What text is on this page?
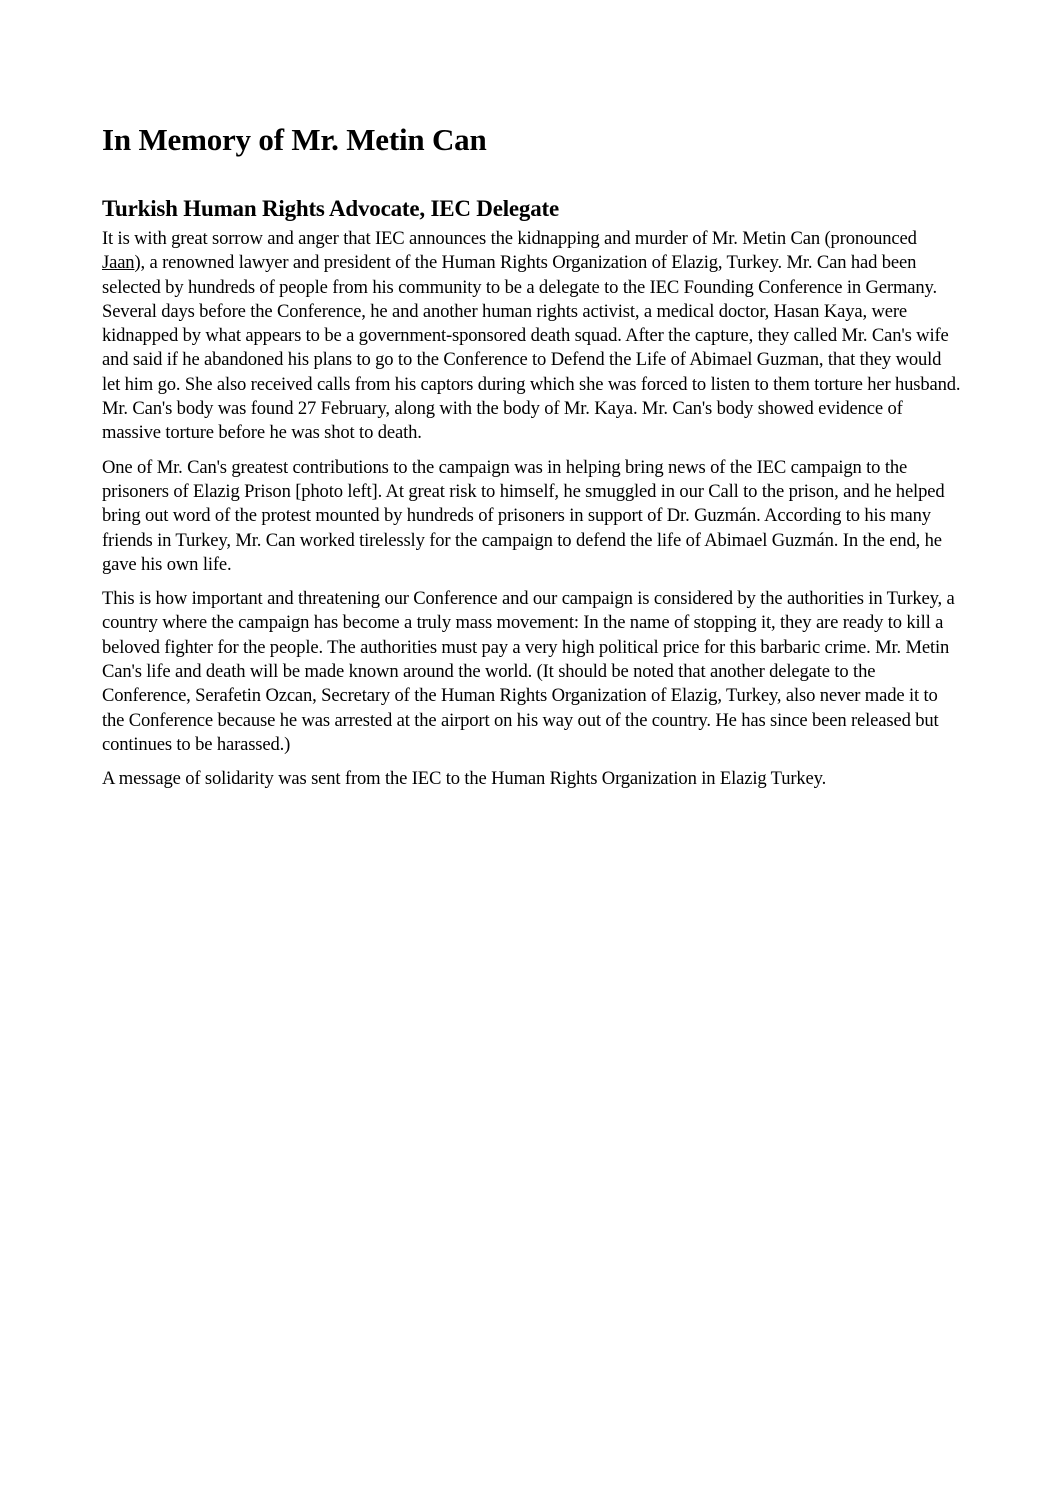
In Memory of Mr. Metin Can
Turkish Human Rights Advocate, IEC Delegate

It is with great sorrow and anger that IEC announces the kidnapping and murder of Mr. Metin Can (pronounced Jaan), a renowned lawyer and president of the Human Rights Organization of Elazig, Turkey. Mr. Can had been selected by hundreds of people from his community to be a delegate to the IEC Founding Conference in Germany. Several days before the Conference, he and another human rights activist, a medical doctor, Hasan Kaya, were kidnapped by what appears to be a government-sponsored death squad. After the capture, they called Mr. Can's wife and said if he abandoned his plans to go to the Conference to Defend the Life of Abimael Guzman, that they would let him go. She also received calls from his captors during which she was forced to listen to them torture her husband. Mr. Can's body was found 27 February, along with the body of Mr. Kaya. Mr. Can's body showed evidence of massive torture before he was shot to death.

One of Mr. Can's greatest contributions to the campaign was in helping bring news of the IEC campaign to the prisoners of Elazig Prison [photo left]. At great risk to himself, he smuggled in our Call to the prison, and he helped bring out word of the protest mounted by hundreds of prisoners in support of Dr. Guzmán. According to his many friends in Turkey, Mr. Can worked tirelessly for the campaign to defend the life of Abimael Guzmán. In the end, he gave his own life.

This is how important and threatening our Conference and our campaign is considered by the authorities in Turkey, a country where the campaign has become a truly mass movement: In the name of stopping it, they are ready to kill a beloved fighter for the people. The authorities must pay a very high political price for this barbaric crime. Mr. Metin Can's life and death will be made known around the world. (It should be noted that another delegate to the Conference, Serafetin Ozcan, Secretary of the Human Rights Organization of Elazig, Turkey, also never made it to the Conference because he was arrested at the airport on his way out of the country. He has since been released but continues to be harassed.)

A message of solidarity was sent from the IEC to the Human Rights Organization in Elazig Turkey.
